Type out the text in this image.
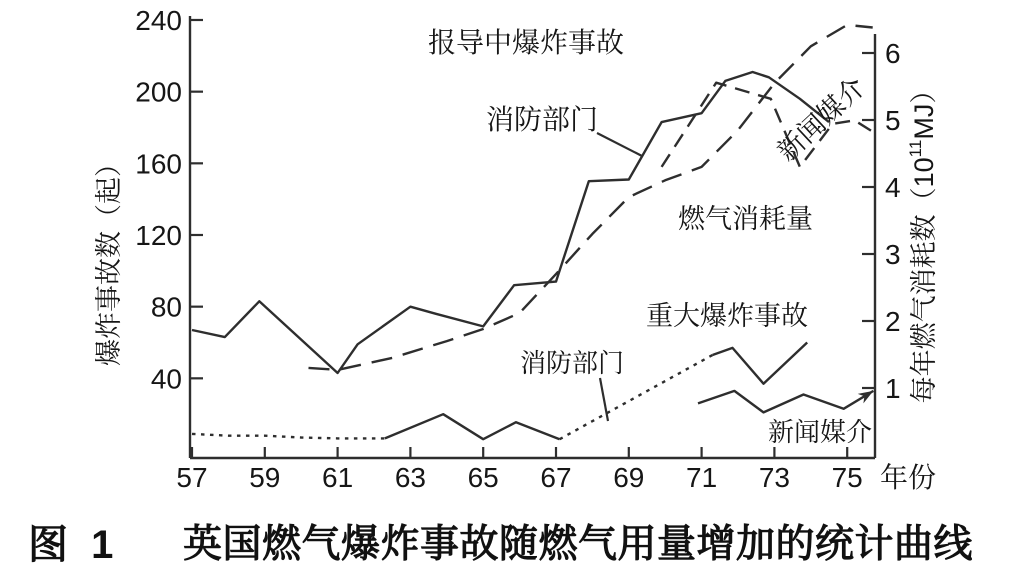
40
80
120
160
200
240
1
2
3
4
5
6
57 59 61 63 65 67 69 71 73 75
报导中爆炸事故
消防部门
燃气消耗量
重大爆炸事故
消防部门
新闻媒介
新闻媒介
爆炸事故数（起）	每年燃气消耗数$(10^{11}MJ)$
年份
图 1 英国燃气爆炸事故随燃气用量增加的统计曲线
